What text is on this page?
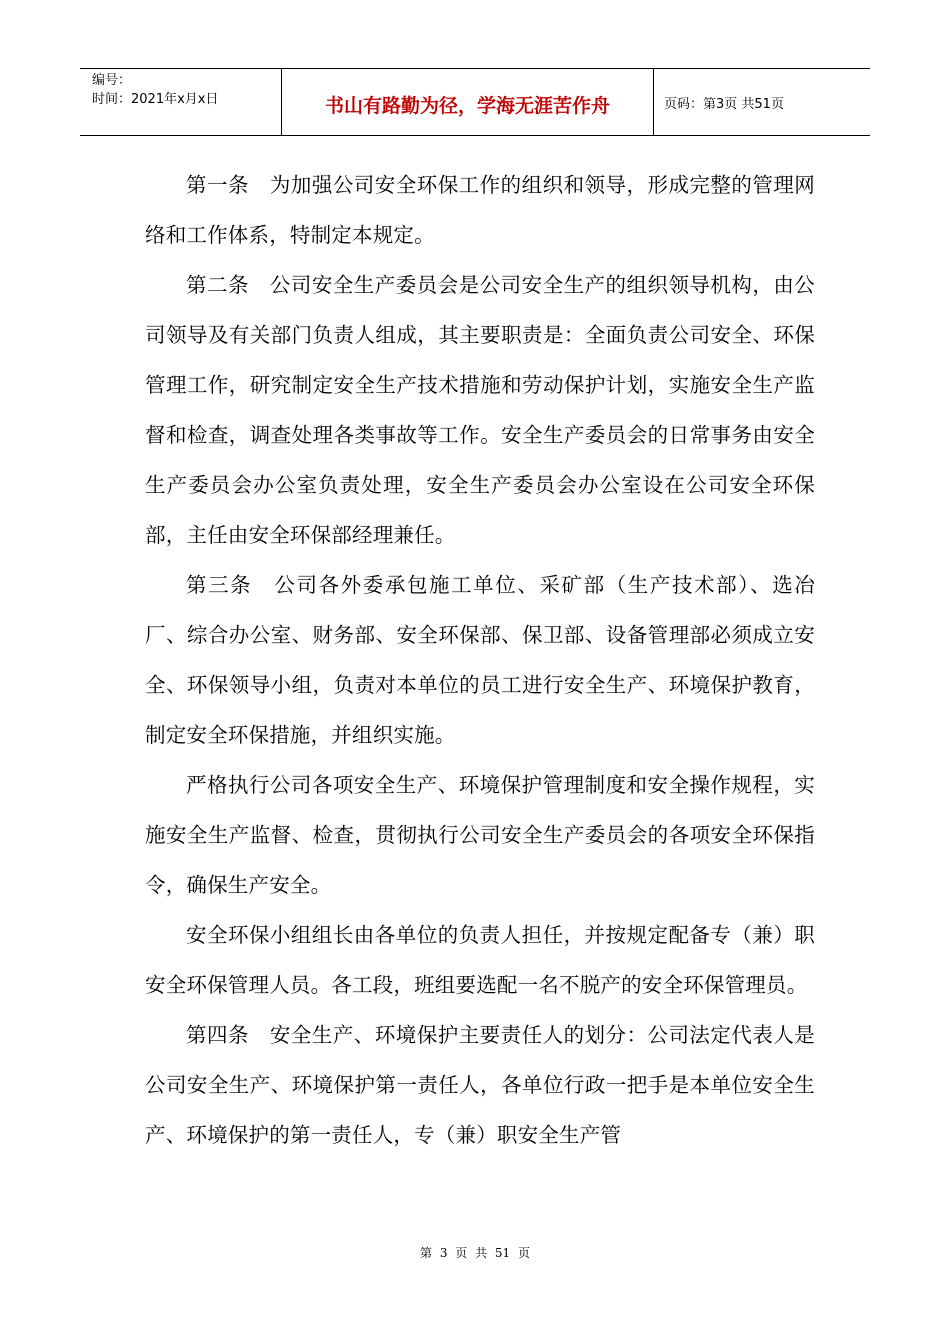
编号：
时间：2021年x月x日	书山有路勤为径，学海无涯苦作舟	页码：第3页 共51页

第一条　为加强公司安全环保工作的组织和领导，形成完整的管理网络和工作体系，特制定本规定。

第二条　公司安全生产委员会是公司安全生产的组织领导机构，由公司领导及有关部门负责人组成，其主要职责是：全面负责公司安全、环保管理工作，研究制定安全生产技术措施和劳动保护计划，实施安全生产监督和检查，调查处理各类事故等工作。安全生产委员会的日常事务由安全生产委员会办公室负责处理，安全生产委员会办公室设在公司安全环保部，主任由安全环保部经理兼任。

第三条　公司各外委承包施工单位、采矿部（生产技术部）、选冶厂、综合办公室、财务部、安全环保部、保卫部、设备管理部必须成立安全、环保领导小组，负责对本单位的员工进行安全生产、环境保护教育，制定安全环保措施，并组织实施。

严格执行公司各项安全生产、环境保护管理制度和安全操作规程，实施安全生产监督、检查，贯彻执行公司安全生产委员会的各项安全环保指令，确保生产安全。

安全环保小组组长由各单位的负责人担任，并按规定配备专（兼）职安全环保管理人员。各工段，班组要选配一名不脱产的安全环保管理员。

第四条　安全生产、环境保护主要责任人的划分：公司法定代表人是公司安全生产、环境保护第一责任人，各单位行政一把手是本单位安全生产、环境保护的第一责任人，专（兼）职安全生产管

第 3 页 共 51 页
